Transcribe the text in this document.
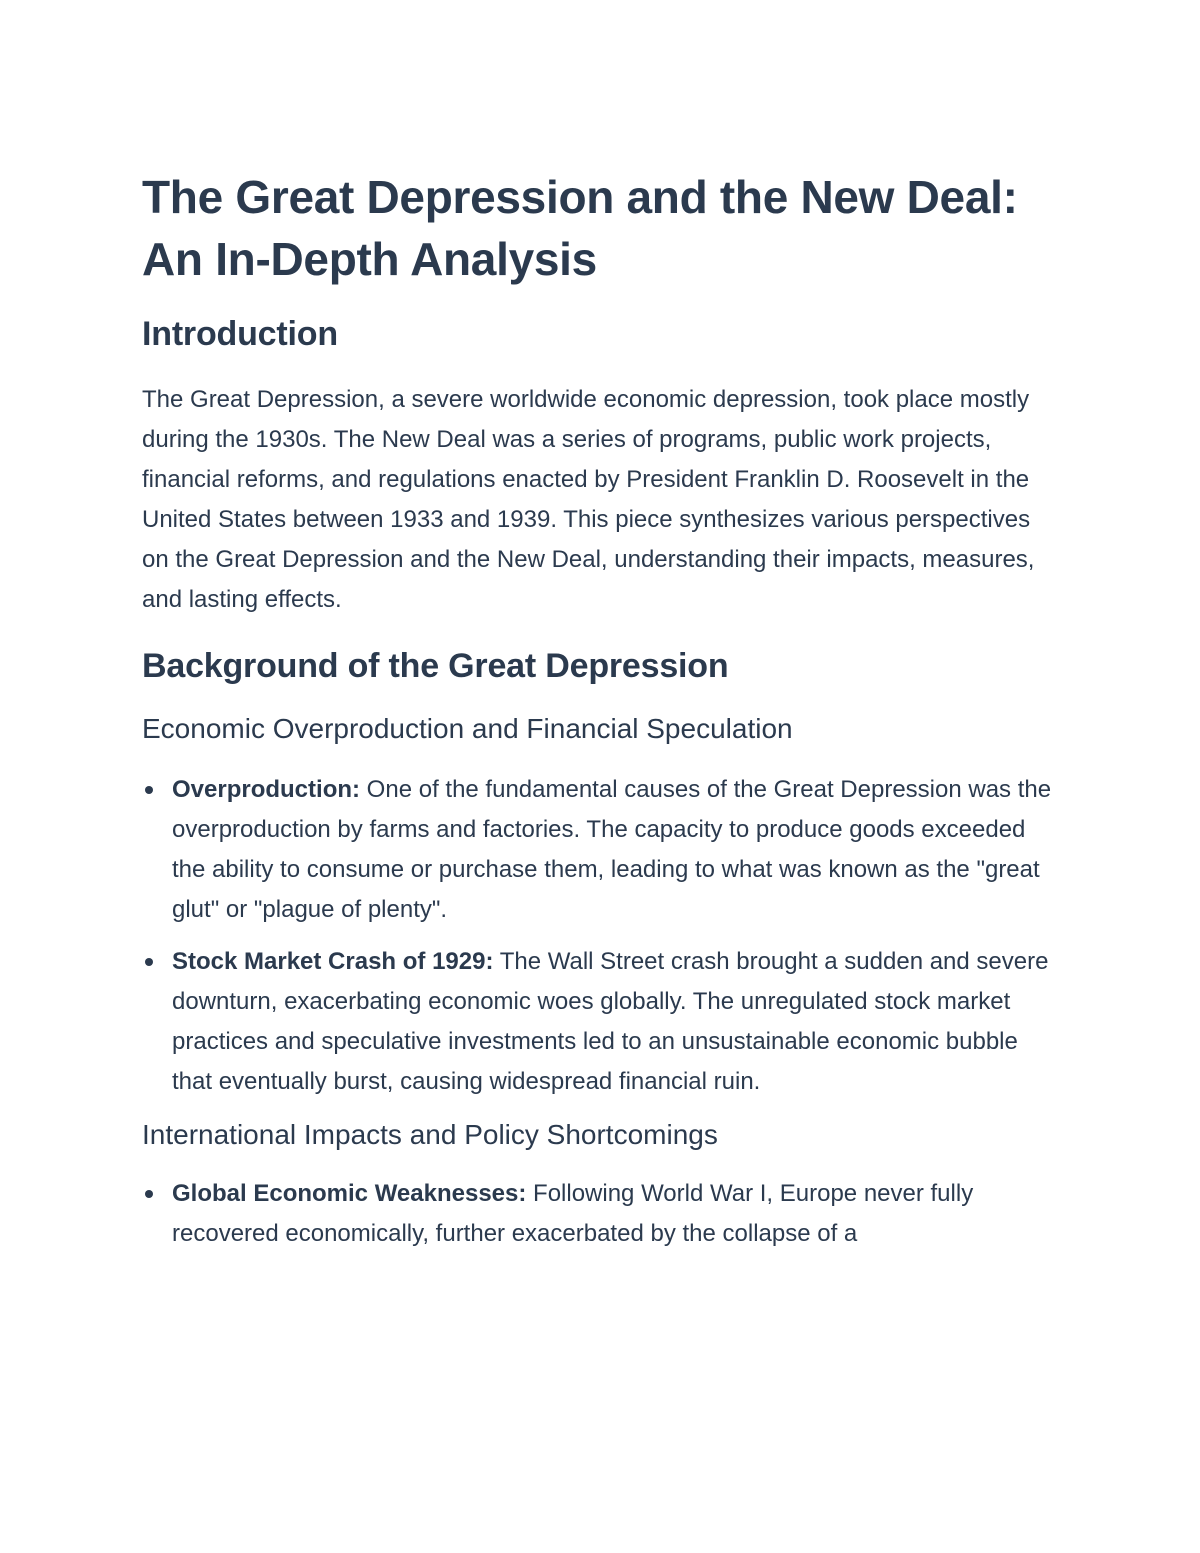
The Great Depression and the New Deal: An In-Depth Analysis
Introduction

The Great Depression, a severe worldwide economic depression, took place mostly during the 1930s. The New Deal was a series of programs, public work projects, financial reforms, and regulations enacted by President Franklin D. Roosevelt in the United States between 1933 and 1939. This piece synthesizes various perspectives on the Great Depression and the New Deal, understanding their impacts, measures, and lasting effects.

Background of the Great Depression
Economic Overproduction and Financial Speculation
Overproduction: One of the fundamental causes of the Great Depression was the overproduction by farms and factories. The capacity to produce goods exceeded the ability to consume or purchase them, leading to what was known as the "great glut" or "plague of plenty".
Stock Market Crash of 1929: The Wall Street crash brought a sudden and severe downturn, exacerbating economic woes globally. The unregulated stock market practices and speculative investments led to an unsustainable economic bubble that eventually burst, causing widespread financial ruin.
International Impacts and Policy Shortcomings
Global Economic Weaknesses: Following World War I, Europe never fully recovered economically, further exacerbated by the collapse of a
